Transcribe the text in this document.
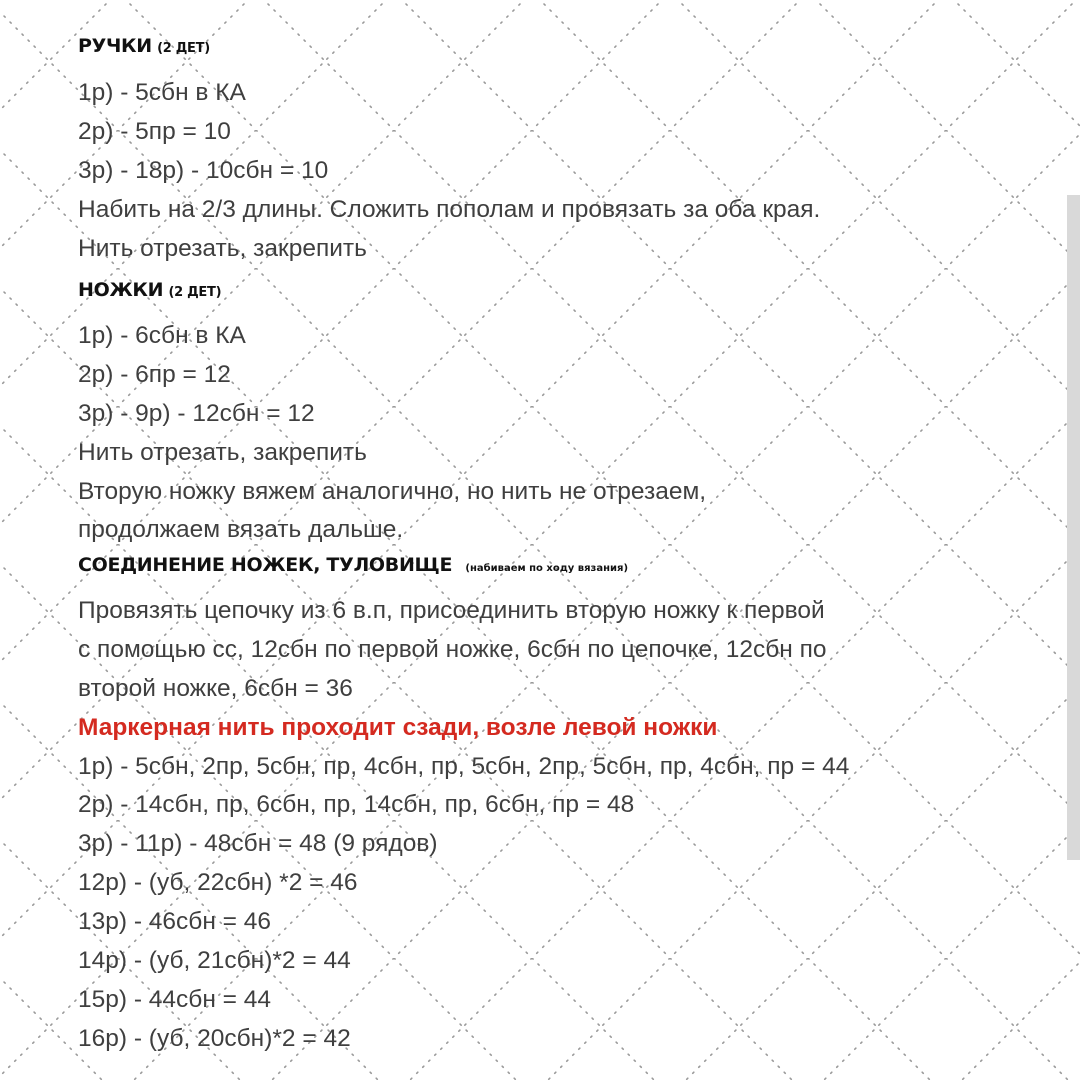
РУЧКИ (2 ДЕТ)
1р) - 5сбн в КА
2р) - 5пр = 10
3р) - 18р) - 10сбн = 10
Набить на 2/3 длины. Сложить пополам и провязать за оба края.
Нить отрезать, закрепить
НОЖКИ (2 ДЕТ)
1р) - 6сбн в КА
2р) - 6пр = 12
3р) - 9р) - 12сбн = 12
Нить отрезать, закрепить
Вторую ножку вяжем аналогично, но нить не отрезаем,
продолжаем вязать дальше.
СОЕДИНЕНИЕ НОЖЕК, ТУЛОВИЩЕ (набиваем по ходу вязания)
Провязять цепочку из 6 в.п, присоединить вторую ножку к первой
с помощью сс, 12сбн по первой ножке, 6сбн по цепочке, 12сбн по
второй ножке, 6сбн = 36
Маркерная нить проходит сзади, возле левой ножки
1р) - 5сбн, 2пр, 5сбн, пр, 4сбн, пр, 5сбн, 2пр, 5сбн, пр, 4сбн, пр = 44
2р) - 14сбн, пр, 6сбн, пр, 14сбн, пр, 6сбн, пр = 48
3р) - 11р) - 48сбн = 48 (9 рядов)
12р) - (уб, 22сбн) *2 = 46
13р) - 46сбн = 46
14р) - (уб, 21сбн)*2 = 44
15р) - 44сбн = 44
16р) - (уб, 20сбн)*2 = 42
